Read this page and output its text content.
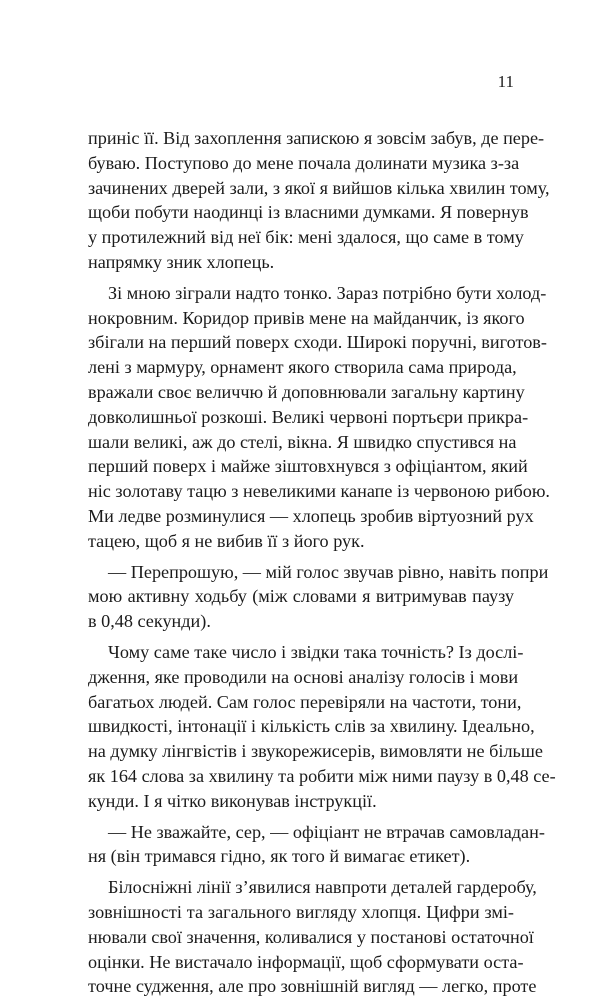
11
приніс її. Від захоплення запискою я зовсім забув, де пере-
буваю. Поступово до мене почала долинати музика з-за
зачинених дверей зали, з якої я вийшов кілька хвилин тому,
щоби побути наодинці із власними думками. Я повернув
у протилежний від неї бік: мені здалося, що саме в тому
напрямку зник хлопець.
Зі мною зіграли надто тонко. Зараз потрібно бути холод-
нокровним. Коридор привів мене на майданчик, із якого
збігали на перший поверх сходи. Широкі поручні, виготов-
лені з мармуру, орнамент якого створила сама природа,
вражали своє величчю й доповнювали загальну картину
довколишньої розкоші. Великі червоні портьєри прикра-
шали великі, аж до стелі, вікна. Я швидко спустився на
перший поверх і майже зіштовхнувся з офіціантом, який
ніс золотаву тацю з невеликими канапе із червоною рибою.
Ми ледве розминулися — хлопець зробив віртуозний рух
тацею, щоб я не вибив її з його рук.
— Перепрошую, — мій голос звучав рівно, навіть попри
мою активну ходьбу (між словами я витримував паузу
в 0,48 секунди).
Чому саме таке число і звідки така точність? Із дослі-
дження, яке проводили на основі аналізу голосів і мови
багатьох людей. Сам голос перевіряли на частоти, тони,
швидкості, інтонації і кількість слів за хвилину. Ідеально,
на думку лінгвістів і звукорежисерів, вимовляти не більше
як 164 слова за хвилину та робити між ними паузу в 0,48 се-
кунди. І я чітко виконував інструкції.
— Не зважайте, сер, — офіціант не втрачав самовладан-
ня (він тримався гідно, як того й вимагає етикет).
Білосніжні лінії з’явилися навпроти деталей гардеробу,
зовнішності та загального вигляду хлопця. Цифри змі-
нювали свої значення, коливалися у постанові остаточної
оцінки. Не вистачало інформації, щоб сформувати оста-
точне судження, але про зовнішній вигляд — легко, проте
